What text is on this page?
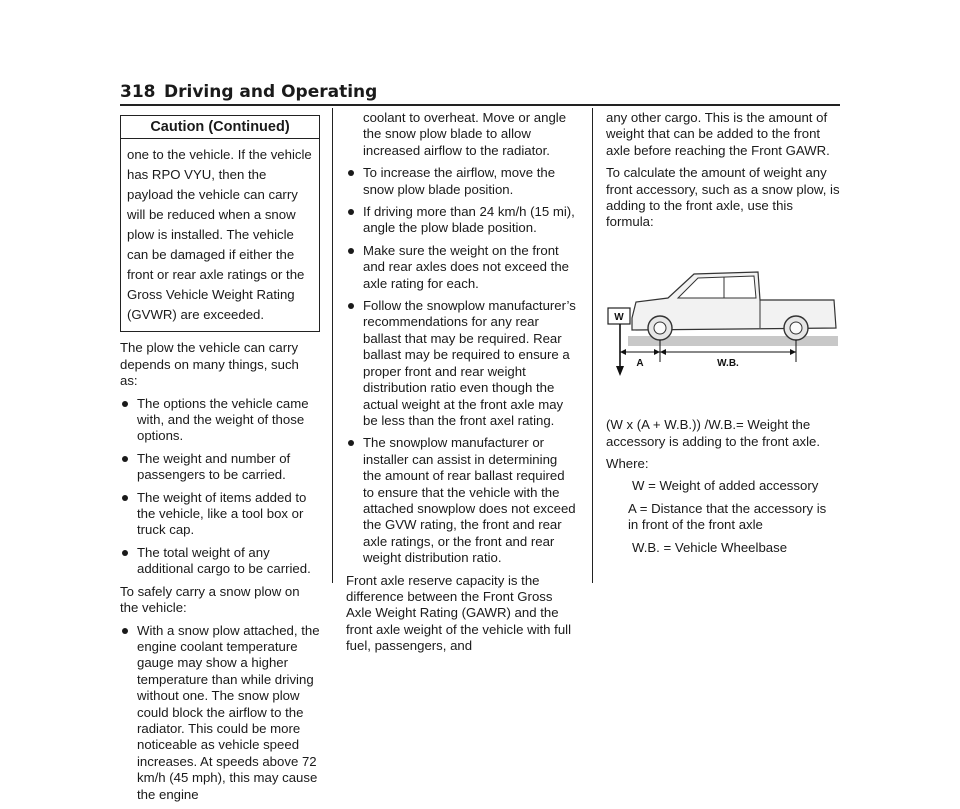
318 Driving and Operating
Caution (Continued)
one to the vehicle. If the vehicle has RPO VYU, then the payload the vehicle can carry will be reduced when a snow plow is installed. The vehicle can be damaged if either the front or rear axle ratings or the Gross Vehicle Weight Rating (GVWR) are exceeded.

The plow the vehicle can carry depends on many things, such as:

The options the vehicle came with, and the weight of those options.
The weight and number of passengers to be carried.
The weight of items added to the vehicle, like a tool box or truck cap.
The total weight of any additional cargo to be carried.

To safely carry a snow plow on the vehicle:

With a snow plow attached, the engine coolant temperature gauge may show a higher temperature than while driving without one. The snow plow could block the airflow to the radiator. This could be more noticeable as vehicle speed increases. At speeds above 72 km/h (45 mph), this may cause the engine

coolant to overheat. Move or angle the snow plow blade to allow increased airflow to the radiator.

To increase the airflow, move the snow plow blade position.
If driving more than 24 km/h (15 mi), angle the plow blade position.
Make sure the weight on the front and rear axles does not exceed the axle rating for each.
Follow the snowplow manufacturer’s recommendations for any rear ballast that may be required. Rear ballast may be required to ensure a proper front and rear weight distribution ratio even though the actual weight at the front axle may be less than the front axel rating.
The snowplow manufacturer or installer can assist in determining the amount of rear ballast required to ensure that the vehicle with the attached snowplow does not exceed the GVW rating, the front and rear axle ratings, or the front and rear weight distribution ratio.

Front axle reserve capacity is the difference between the Front Gross Axle Weight Rating (GAWR) and the front axle weight of the vehicle with full fuel, passengers, and

any other cargo. This is the amount of weight that can be added to the front axle before reaching the Front GAWR.

To calculate the amount of weight any front accessory, such as a snow plow, is adding to the front axle, use this formula:

W
A	W.B.

(W x (A + W.B.)) /W.B.= Weight the accessory is adding to the front axle.

Where:

W = Weight of added accessory

A = Distance that the accessory is in front of the front axle

W.B. = Vehicle Wheelbase
